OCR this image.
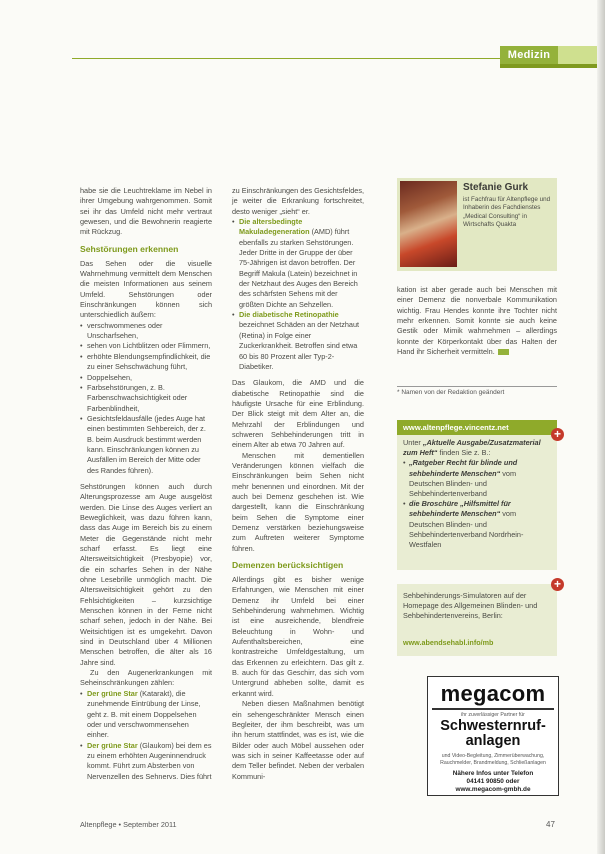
Medizin

habe sie die Leuchtreklame im Nebel in ihrer Umgebung wahrgenommen. Somit sei ihr das Umfeld nicht mehr vertraut gewesen, und die Bewohnerin reagierte mit Rückzug.

Sehstörungen erkennen

Das Sehen oder die visuelle Wahrnehmung vermittelt dem Menschen die meisten Informationen aus seinem Umfeld. Sehstörungen oder Einschränkungen können sich unterschiedlich äußern:

• verschwommenes oder Unscharfsehen,
• sehen von Lichtblitzen oder Flimmern,
• erhöhte Blendungsempfindlichkeit, die zu einer Sehschwächung führt,
• Doppelsehen,
• Farbsehstörungen, z. B. Farbenschwachsichtigkeit oder Farbenblindheit,
• Gesichtsfeldausfälle (jedes Auge hat einen bestimmten Sehbereich, der z. B. beim Ausdruck bestimmt werden kann. Einschränkungen können zu Ausfällen im Bereich der Mitte oder des Randes führen).

Sehstörungen können auch durch Alterungsprozesse am Auge ausgelöst werden. Die Linse des Auges verliert an Beweglichkeit, was dazu führen kann, dass das Auge im Bereich bis zu einem Meter die Gegenstände nicht mehr scharf erfasst. Es liegt eine Altersweitsichtigkeit (Presbyopie) vor, die ein scharfes Sehen in der Nähe ohne Lesebrille unmöglich macht. Die Altersweitsichtigkeit gehört zu den Fehlsichtigkeiten – kurzsichtige Menschen können in der Ferne nicht scharf sehen, jedoch in der Nähe. Bei Weitsichtigen ist es umgekehrt. Davon sind in Deutschland über 4 Millionen Menschen betroffen, die älter als 16 Jahre sind.

Zu den Augenerkrankungen mit Seheinschränkungen zählen:

• Der grüne Star (Katarakt), die zunehmende Eintrübung der Linse, geht z. B. mit einem Doppelsehen oder und verschwommensehen einher.
• Der grüne Star (Glaukom) bei dem es zu einem erhöhten Augeninnendruck kommt. Führt zum Absterben von Nervenzellen des Sehnervs. Dies führt

zu Einschränkungen des Gesichtsfeldes, je weiter die Erkrankung fortschreitet, desto weniger „sieht“ er.

• Die altersbedingte Makuladegeneration (AMD) führt ebenfalls zu starken Sehstörungen. Jeder Dritte in der Gruppe der über 75-Jährigen ist davon betroffen. Der Begriff Makula (Latein) bezeichnet in der Netzhaut des Auges den Bereich des schärfsten Sehens mit der größten Dichte an Sehzellen.
• Die diabetische Retinopathie bezeichnet Schäden an der Netzhaut (Retina) in Folge einer Zuckerkrankheit. Betroffen sind etwa 60 bis 80 Prozent aller Typ-2-Diabetiker.

Das Glaukom, die AMD und die diabetische Retinopathie sind die häufigste Ursache für eine Erblindung. Der Blick steigt mit dem Alter an, die Mehrzahl der Erblindungen und schweren Sehbehinderungen tritt in einem Alter ab etwa 70 Jahren auf.

Menschen mit dementiellen Veränderungen können vielfach die Einschränkungen beim Sehen nicht mehr benennen und einordnen. Mit der auch bei Demenz geschehen ist. Wie dargestellt, kann die Einschränkung beim Sehen die Symptome einer Demenz verstärken beziehungsweise zum Auftreten weiterer Symptome führen.

Demenzen berücksichtigen

Allerdings gibt es bisher wenige Erfahrungen, wie Menschen mit einer Demenz ihr Umfeld bei einer Sehbehinderung wahrnehmen. Wichtig ist eine ausreichende, blendfreie Beleuchtung in Wohn- und Aufenthaltsbereichen, eine kontrastreiche Umfeldgestaltung, um das Erkennen zu erleichtern. Das gilt z. B. auch für das Geschirr, das sich vom Untergrund abheben sollte, damit es erkannt wird.

Neben diesen Maßnahmen benötigt ein sehengeschränkter Mensch einen Begleiter, der ihm beschreibt, was um ihn herum stattfindet, was es ist, wie die Bilder oder auch Möbel aussehen oder was sich in seiner Kaffeetasse oder auf dem Teller befindet. Neben der verbalen Kommuni-

Stefanie Gurk
ist Fachfrau für Altenpflege und Inhaberin des Fachdienstes „Medical Consulting“ in Wirtschafts Quakta

kation ist aber gerade auch bei Menschen mit einer Demenz die nonverbale Kommunikation wichtig. Frau Hendes konnte ihre Tochter nicht mehr erkennen. Somit konnte sie auch keine Gestik oder Mimik wahrnehmen – allerdings konnte der Körperkontakt über das Halten der Hand ihr Sicherheit vermitteln.

* Namen von der Redaktion geändert
www.altenpflege.vincentz.net
Unter „Aktuelle Ausgabe/Zusatzmaterial zum Heft“ finden Sie z. B.:
• „Ratgeber Recht für blinde und sehbehinderte Menschen“ vom Deutschen Blinden- und Sehbehindertenverband
• die Broschüre „Hilfsmittel für sehbehinderte Menschen“ vom Deutschen Blinden- und Sehbehindertenverband Nordrhein-Westfalen
+
Sehbehinderungs-Simulatoren auf der Homepage des Allgemeinen Blinden- und Sehbehindertenvereins, Berlin:
www.abendsehabl.info/mb
+
megacom
ihr zuverlässiger Partner für
Schwesternruf-anlagen
und Video-Begleitung, Zimmerüberwachung, Rauchmelder, Brandmeldung, Schließanlagen
Nähere Infos unter Telefon
04141 90850 oder
www.megacom-gmbh.de
Altenpflege • September 2011	47
